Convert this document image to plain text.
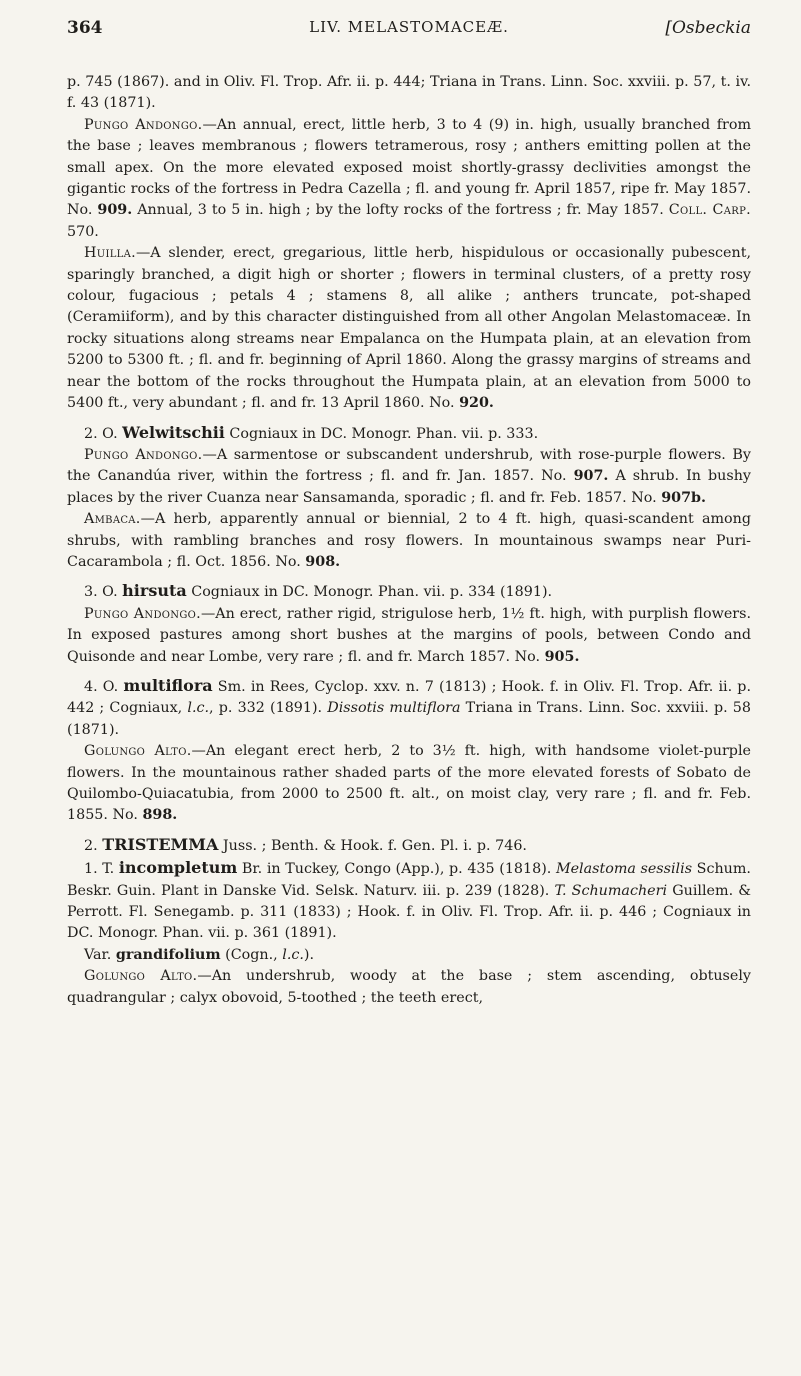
364	LIV. MELASTOMACEÆ.	[Osbeckia

p. 745 (1867). and in Oliv. Fl. Trop. Afr. ii. p. 444; Triana in Trans. Linn. Soc. xxviii. p. 57, t. iv. f. 43 (1871).

Pungo Andongo.—An annual, erect, little herb, 3 to 4 (9) in. high, usually branched from the base ; leaves membranous ; flowers tetramerous, rosy ; anthers emitting pollen at the small apex. On the more elevated exposed moist shortly-grassy declivities amongst the gigantic rocks of the fortress in Pedra Cazella ; fl. and young fr. April 1857, ripe fr. May 1857. No. 909. Annual, 3 to 5 in. high ; by the lofty rocks of the fortress ; fr. May 1857. Coll. Carp. 570.

Huilla.—A slender, erect, gregarious, little herb, hispidulous or occasionally pubescent, sparingly branched, a digit high or shorter ; flowers in terminal clusters, of a pretty rosy colour, fugacious ; petals 4 ; stamens 8, all alike ; anthers truncate, pot-shaped (Ceramiiform), and by this character distinguished from all other Angolan Melastomaceæ. In rocky situations along streams near Empalanca on the Humpata plain, at an elevation from 5200 to 5300 ft. ; fl. and fr. beginning of April 1860. Along the grassy margins of streams and near the bottom of the rocks throughout the Humpata plain, at an elevation from 5000 to 5400 ft., very abundant ; fl. and fr. 13 April 1860. No. 920.

2. O. Welwitschii Cogniaux in DC. Monogr. Phan. vii. p. 333.

Pungo Andongo.—A sarmentose or subscandent undershrub, with rose-purple flowers. By the Canandúa river, within the fortress ; fl. and fr. Jan. 1857. No. 907. A shrub. In bushy places by the river Cuanza near Sansamanda, sporadic ; fl. and fr. Feb. 1857. No. 907b.

Ambaca.—A herb, apparently annual or biennial, 2 to 4 ft. high, quasi-scandent among shrubs, with rambling branches and rosy flowers. In mountainous swamps near Puri-Cacarambola ; fl. Oct. 1856. No. 908.

3. O. hirsuta Cogniaux in DC. Monogr. Phan. vii. p. 334 (1891).

Pungo Andongo.—An erect, rather rigid, strigulose herb, 1½ ft. high, with purplish flowers. In exposed pastures among short bushes at the margins of pools, between Condo and Quisonde and near Lombe, very rare ; fl. and fr. March 1857. No. 905.

4. O. multiflora Sm. in Rees, Cyclop. xxv. n. 7 (1813) ; Hook. f. in Oliv. Fl. Trop. Afr. ii. p. 442 ; Cogniaux, l.c., p. 332 (1891). Dissotis multiflora Triana in Trans. Linn. Soc. xxviii. p. 58 (1871).

Golungo Alto.—An elegant erect herb, 2 to 3½ ft. high, with handsome violet-purple flowers. In the mountainous rather shaded parts of the more elevated forests of Sobato de Quilombo-Quiacatubia, from 2000 to 2500 ft. alt., on moist clay, very rare ; fl. and fr. Feb. 1855. No. 898.

2. TRISTEMMA Juss. ; Benth. & Hook. f. Gen. Pl. i. p. 746.

1. T. incompletum Br. in Tuckey, Congo (App.), p. 435 (1818). Melastoma sessilis Schum. Beskr. Guin. Plant in Danske Vid. Selsk. Naturv. iii. p. 239 (1828). T. Schumacheri Guillem. & Perrott. Fl. Senegamb. p. 311 (1833) ; Hook. f. in Oliv. Fl. Trop. Afr. ii. p. 446 ; Cogniaux in DC. Monogr. Phan. vii. p. 361 (1891).

Var. grandifolium (Cogn., l.c.).

Golungo Alto.—An undershrub, woody at the base ; stem ascending, obtusely quadrangular ; calyx obovoid, 5-toothed ; the teeth erect,
